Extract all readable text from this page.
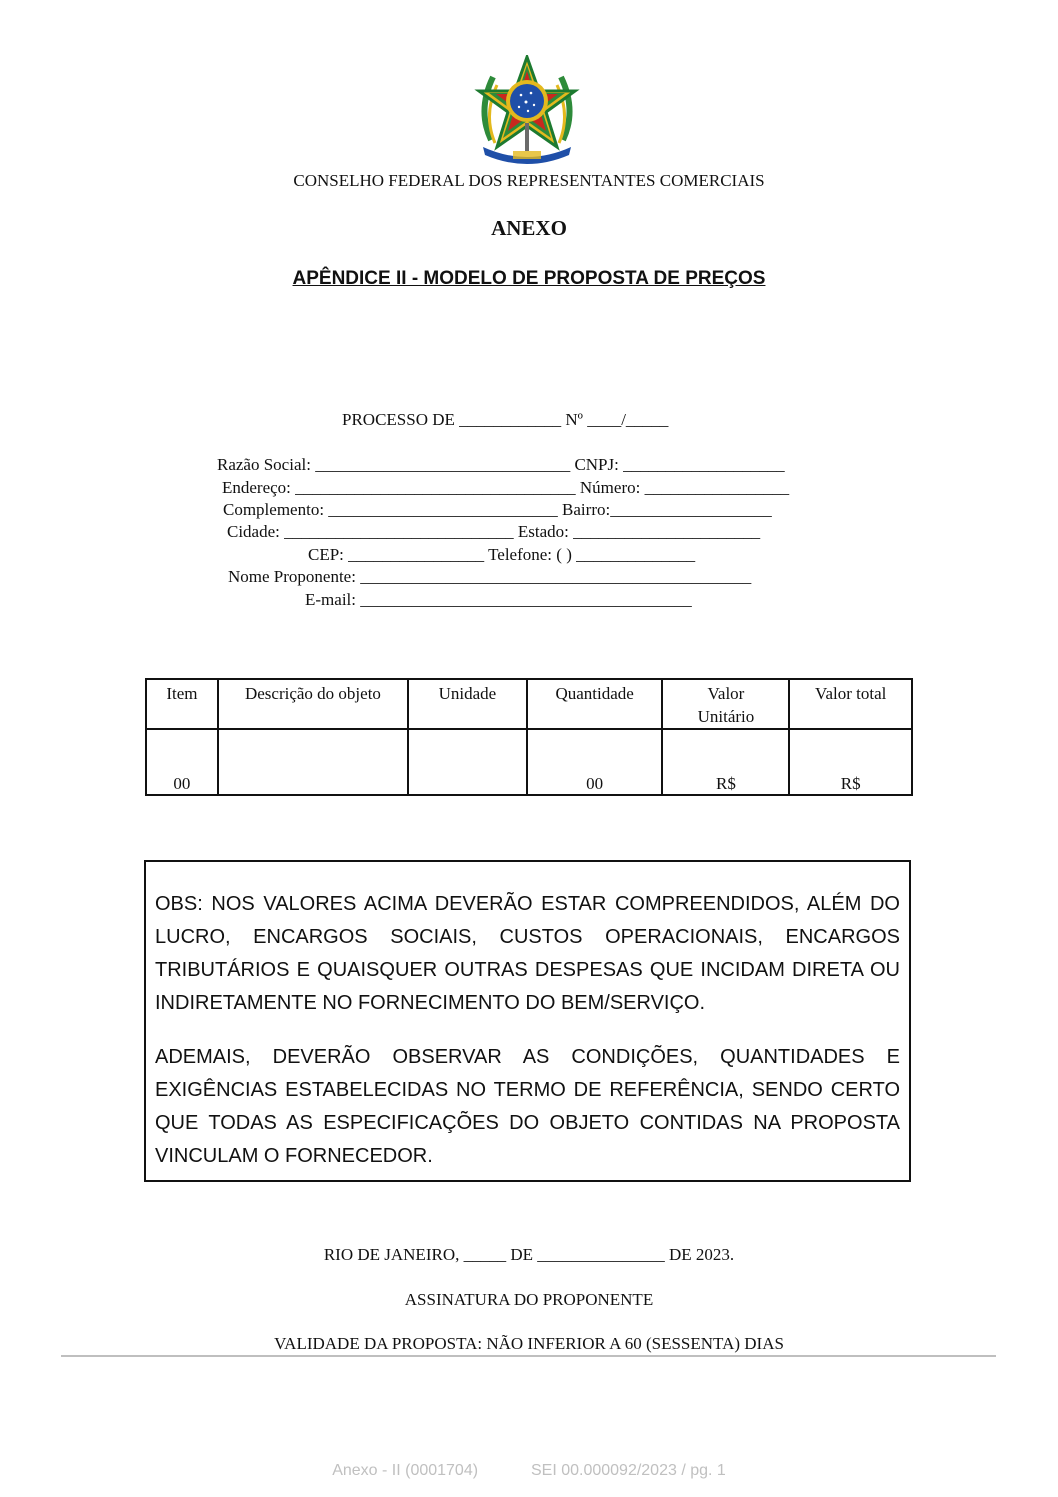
CONSELHO FEDERAL DOS REPRESENTANTES COMERCIAIS
ANEXO
APÊNDICE II - MODELO DE PROPOSTA DE PREÇOS
PROCESSO DE ____________ Nº ____/_____
Razão Social: ______________________________ CNPJ: ___________________
Endereço: _________________________________ Número: _________________
Complemento: ___________________________ Bairro:___________________
Cidade: ___________________________ Estado: ______________________
CEP: ________________ Telefone: ( ) ______________
Nome Proponente: ______________________________________________
E-mail: _______________________________________
Item	Descrição do objeto	Unidade	Quantidade	Valor Unitário	Valor total
00			00	R$	R$

OBS: NOS VALORES ACIMA DEVERÃO ESTAR COMPREENDIDOS, ALÉM DO LUCRO, ENCARGOS SOCIAIS, CUSTOS OPERACIONAIS, ENCARGOS TRIBUTÁRIOS E QUAISQUER OUTRAS DESPESAS QUE INCIDAM DIRETA OU INDIRETAMENTE NO FORNECIMENTO DO BEM/SERVIÇO.

ADEMAIS, DEVERÃO OBSERVAR AS CONDIÇÕES, QUANTIDADES E EXIGÊNCIAS ESTABELECIDAS NO TERMO DE REFERÊNCIA, SENDO CERTO QUE TODAS AS ESPECIFICAÇÕES DO OBJETO CONTIDAS NA PROPOSTA VINCULAM O FORNECEDOR.

RIO DE JANEIRO, _____ DE _______________ DE 2023.
ASSINATURA DO PROPONENTE
VALIDADE DA PROPOSTA: NÃO INFERIOR A 60 (SESSENTA) DIAS
Anexo - II (0001704)	SEI 00.000092/2023 / pg. 1
